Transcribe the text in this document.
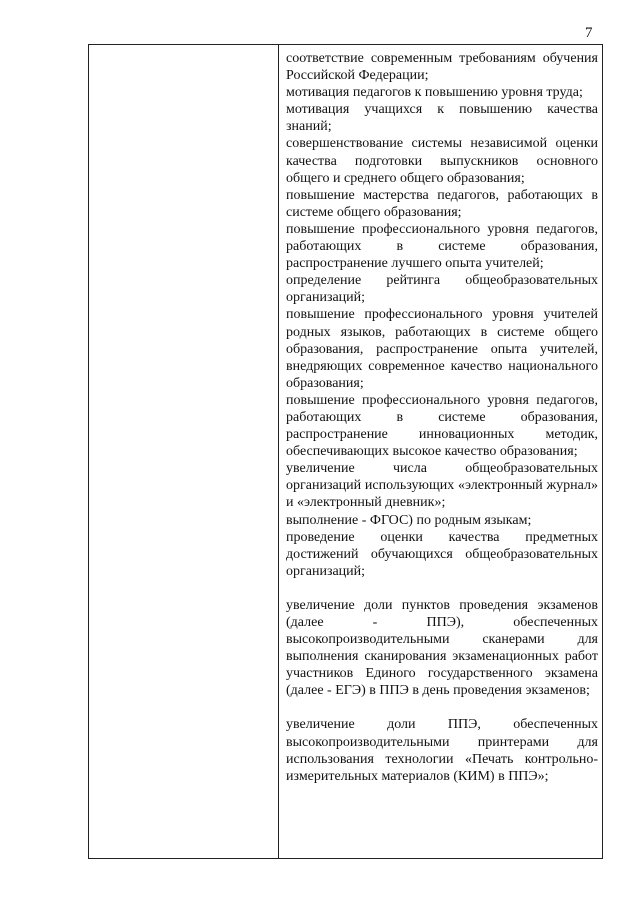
7

соответствие современным требованиям обучения Российской Федерации;

мотивация педагогов к повышению уровня труда;

мотивация учащихся к повышению качества знаний;

совершенствование системы независимой оценки качества подготовки выпускников основного общего и среднего общего образования;

повышение мастерства педагогов, работающих в системе общего образования;

повышение профессионального уровня педагогов, работающих в системе образования, распространение лучшего опыта учителей;

определение рейтинга общеобразовательных организаций;

повышение профессионального уровня учителей родных языков, работающих в системе общего образования, распространение опыта учителей, внедряющих современное качество национального образования;

повышение профессионального уровня педагогов, работающих в системе образования, распространение инновационных методик, обеспечивающих высокое качество образования;

увеличение числа общеобразовательных организаций использующих «электронный журнал» и «электронный дневник»;

выполнение - ФГОС) по родным языкам;

проведение оценки качества предметных достижений обучающихся общеобразовательных организаций;

увеличение доли пунктов проведения экзаменов (далее - ППЭ), обеспеченных высокопроизводительными сканерами для выполнения сканирования экзаменационных работ участников Единого государственного экзамена (далее - ЕГЭ) в ППЭ в день проведения экзаменов;

увеличение доли ППЭ, обеспеченных высокопроизводительными принтерами для использования технологии «Печать контрольно-измерительных материалов (КИМ) в ППЭ»;
